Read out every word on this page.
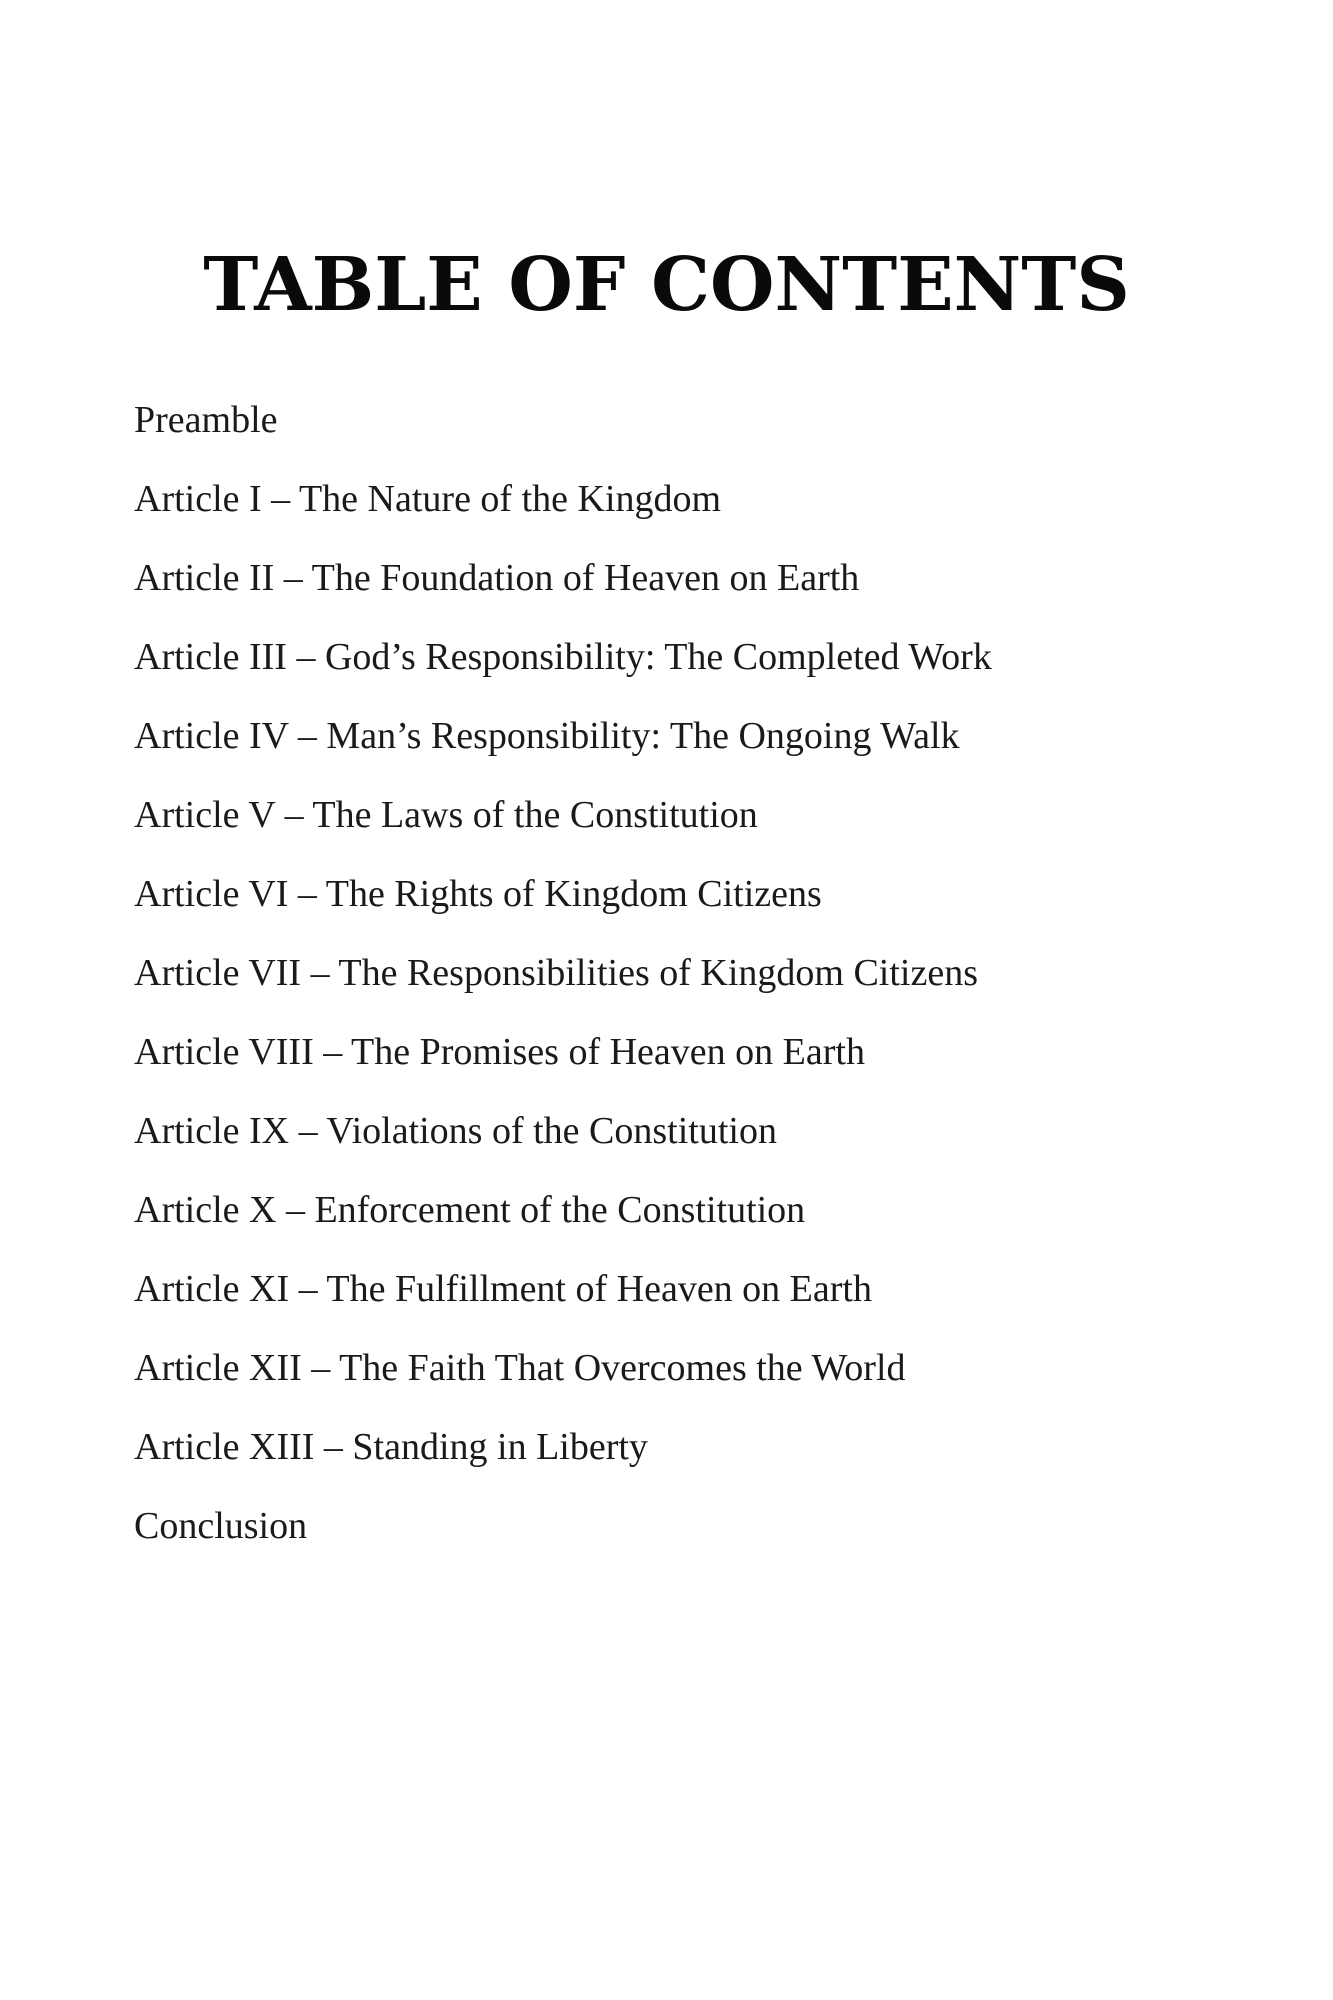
TABLE OF CONTENTS
Preamble
Article I – The Nature of the Kingdom
Article II – The Foundation of Heaven on Earth
Article III – God’s Responsibility: The Completed Work
Article IV – Man’s Responsibility: The Ongoing Walk
Article V – The Laws of the Constitution
Article VI – The Rights of Kingdom Citizens
Article VII – The Responsibilities of Kingdom Citizens
Article VIII – The Promises of Heaven on Earth
Article IX – Violations of the Constitution
Article X – Enforcement of the Constitution
Article XI – The Fulfillment of Heaven on Earth
Article XII – The Faith That Overcomes the World
Article XIII – Standing in Liberty
Conclusion
